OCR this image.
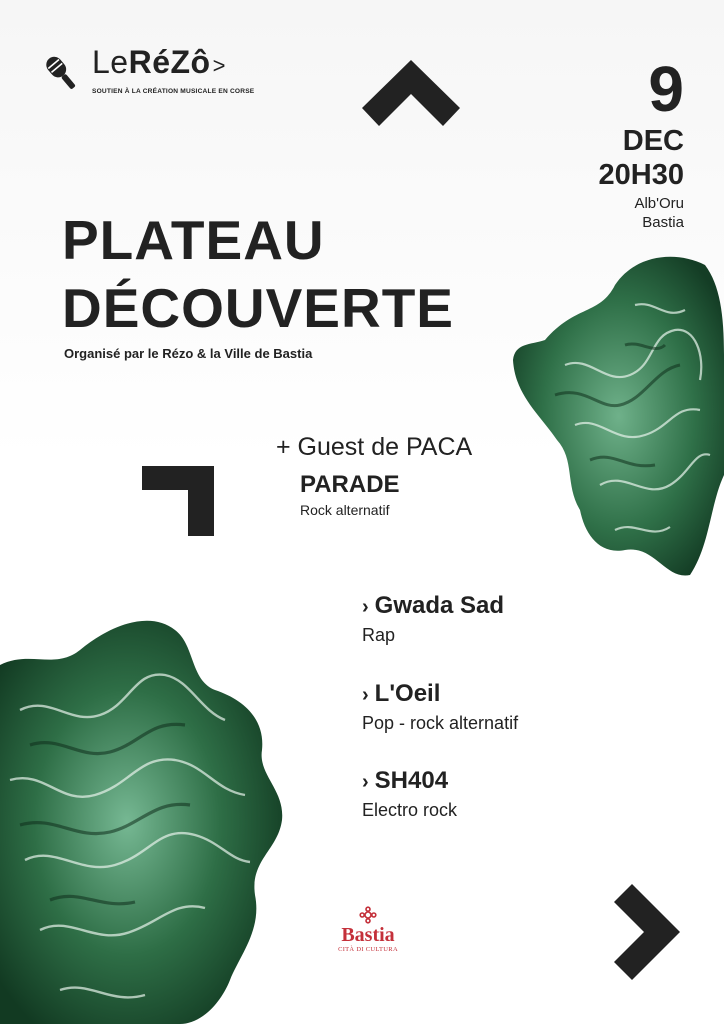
LeRéZô>
SOUTIEN À LA CRÉATION MUSICALE EN CORSE	9
DEC
20H30
Alb'Oru
Bastia
PLATEAU
DÉCOUVERTE
Organisé par le Rézo & la Ville de Bastia
+ Guest de PACA
PARADE
Rock alternatif
› Gwada Sad
Rap
› L'Oeil
Pop - rock alternatif
› SH404
Electro rock
Bastia
CITÀ DI CULTURA
